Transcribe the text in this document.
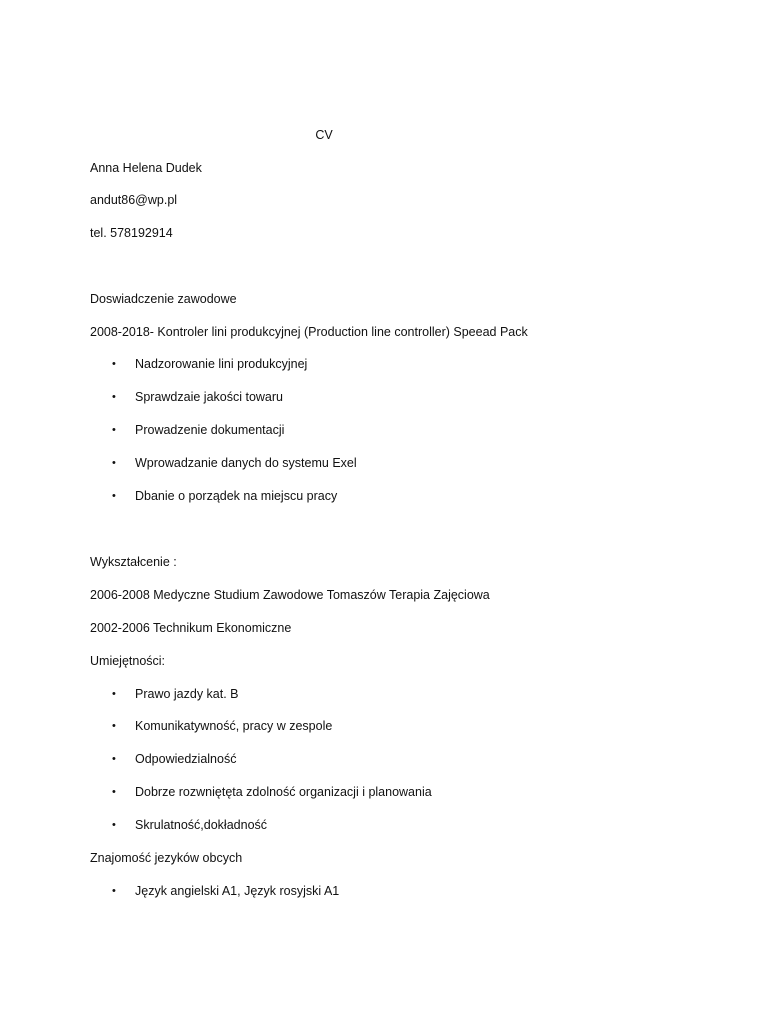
CV
Anna Helena Dudek
andut86@wp.pl
tel. 578192914
Doswiadczenie zawodowe
2008-2018- Kontroler lini produkcyjnej (Production line controller) Speead Pack
• Nadzorowanie lini produkcyjnej
• Sprawdzaie jakości towaru
• Prowadzenie dokumentacji
• Wprowadzanie danych do systemu Exel
• Dbanie o porządek na miejscu pracy
Wykształcenie :
2006-2008 Medyczne Studium Zawodowe Tomaszów Terapia Zajęciowa
2002-2006 Technikum Ekonomiczne
Umiejętności:
• Prawo jazdy kat. B
• Komunikatywność, pracy w zespole
• Odpowiedzialność
• Dobrze rozwniętęta zdolność organizacji i planowania
• Skrulatność,dokładność
Znajomość jezyków obcych
• Język angielski A1, Język rosyjski A1
